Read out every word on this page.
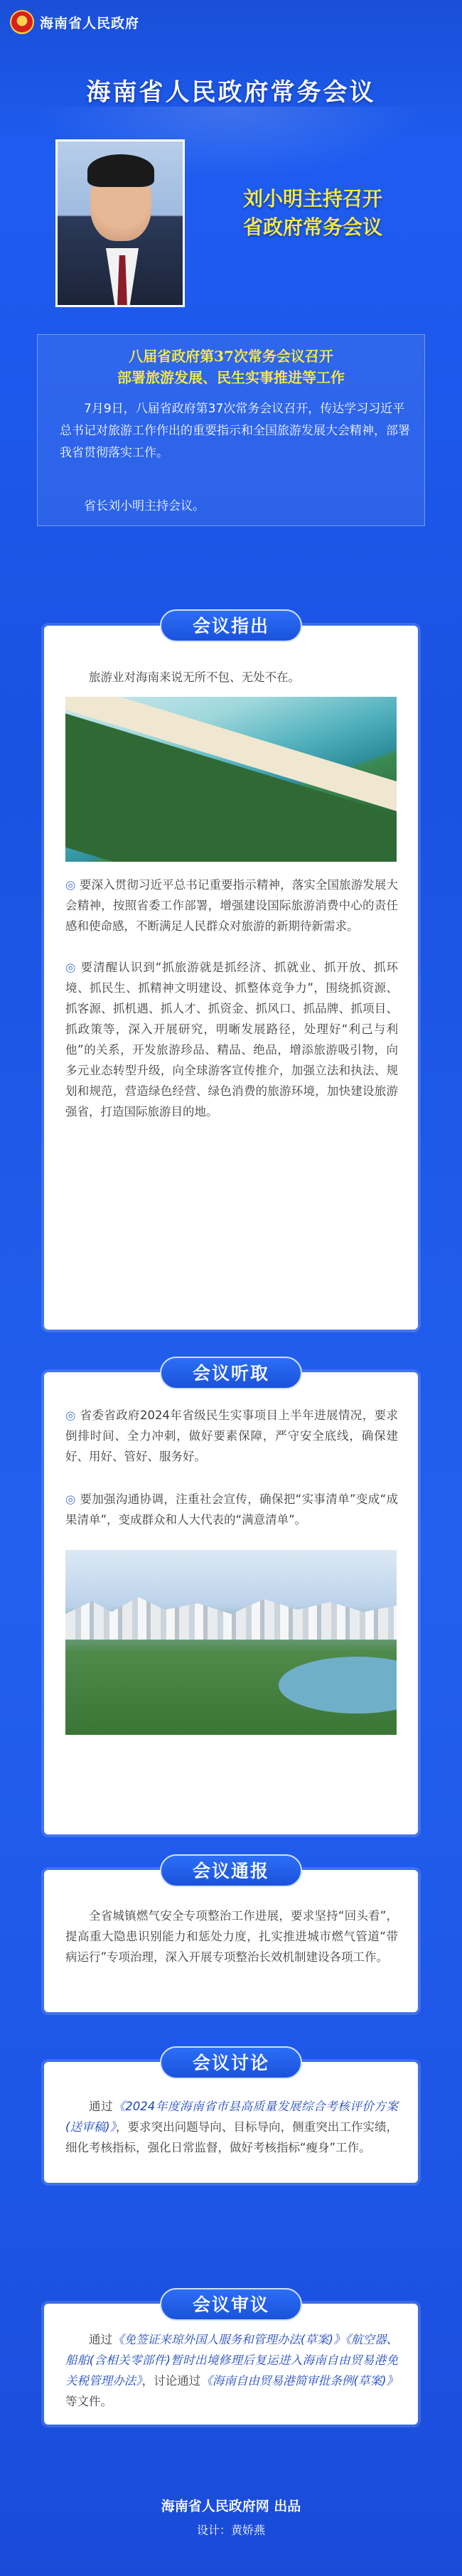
海南省人民政府
海南省人民政府常务会议
刘小明主持召开
省政府常务会议
八届省政府第37次常务会议召开
部署旅游发展、民生实事推进等工作
7月9日，八届省政府第37次常务会议召开，传达学习习近平总书记对旅游工作作出的重要指示和全国旅游发展大会精神，部署我省贯彻落实工作。
省长刘小明主持会议。
旅游业对海南来说无所不包、无处不在。
◎ 要深入贯彻习近平总书记重要指示精神，落实全国旅游发展大会精神，按照省委工作部署，增强建设国际旅游消费中心的责任感和使命感，不断满足人民群众对旅游的新期待新需求。
◎ 要清醒认识到“抓旅游就是抓经济、抓就业、抓开放、抓环境、抓民生、抓精神文明建设、抓整体竞争力”，围绕抓资源、抓客源、抓机遇、抓人才、抓资金、抓风口、抓品牌、抓项目、抓政策等，深入开展研究，明晰发展路径，处理好“利己与利他”的关系，开发旅游珍品、精品、绝品，增添旅游吸引物，向多元业态转型升级，向全球游客宣传推介，加强立法和执法、规划和规范，营造绿色经营、绿色消费的旅游环境，加快建设旅游强省，打造国际旅游目的地。
会议指出
◎ 省委省政府2024年省级民生实事项目上半年进展情况，要求倒排时间、全力冲刺，做好要素保障，严守安全底线，确保建好、用好、管好、服务好。
◎ 要加强沟通协调，注重社会宣传，确保把“实事清单”变成“成果清单”，变成群众和人大代表的“满意清单”。
会议听取
全省城镇燃气安全专项整治工作进展，要求坚持“回头看”，提高重大隐患识别能力和惩处力度，扎实推进城市燃气管道“带病运行”专项治理，深入开展专项整治长效机制建设各项工作。
会议通报
通过《2024年度海南省市县高质量发展综合考核评价方案(送审稿)》，要求突出问题导向、目标导向，侧重突出工作实绩，细化考核指标，强化日常监督，做好考核指标“瘦身”工作。
会议讨论
通过《免签证来琼外国人服务和管理办法(草案)》《航空器、船舶(含相关零部件)暂时出境修理后复运进入海南自由贸易港免关税管理办法》，讨论通过《海南自由贸易港简审批条例(草案)》等文件。
会议审议
海南省人民政府网 出品
设计：黄娇燕
